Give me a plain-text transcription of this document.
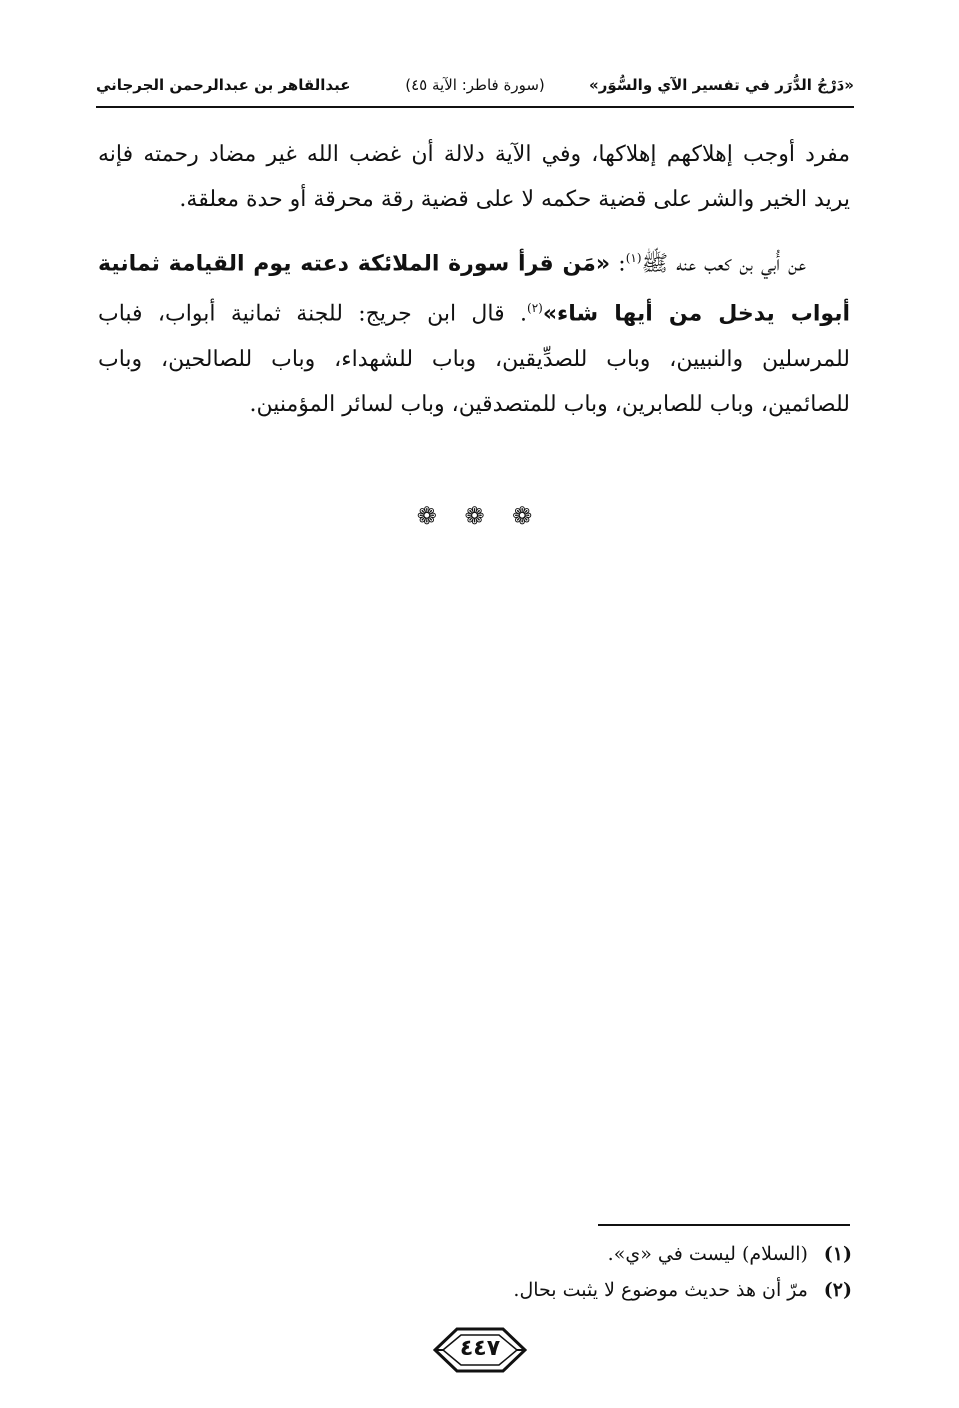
«دَرْجُ الدُّرَر في تفسير الآي والسُّوَر»
(سورة فاطر: الآية ٤٥)
عبدالقاهر بن عبدالرحمن الجرجاني

مفرد أوجب إهلاكهم إهلاكها، وفي الآية دلالة أن غضب الله غير مضاد رحمته فإنه يريد الخير والشر على قضية حكمه لا على قضية رقة محرقة أو حدة معلقة.

عن أُبي بن كعب عنه ﷺ$^{(١)}$: «مَن قرأ سورة الملائكة دعته يوم القيامة ثمانية أبواب يدخل من أيها شاء»$^{(٢)}$. قال ابن جريج: للجنة ثمانية أبواب، فباب للمرسلين والنبيين، وباب للصدِّيقين، وباب للشهداء، وباب للصالحين، وباب للصائمين، وباب للصابرين، وباب للمتصدقين، وباب لسائر المؤمنين.

❁ ❁ ❁
(١) (السلام) ليست في «ي».
(٢) مرّ أن هذ حديث موضوع لا يثبت بحال.
٤٤٧
